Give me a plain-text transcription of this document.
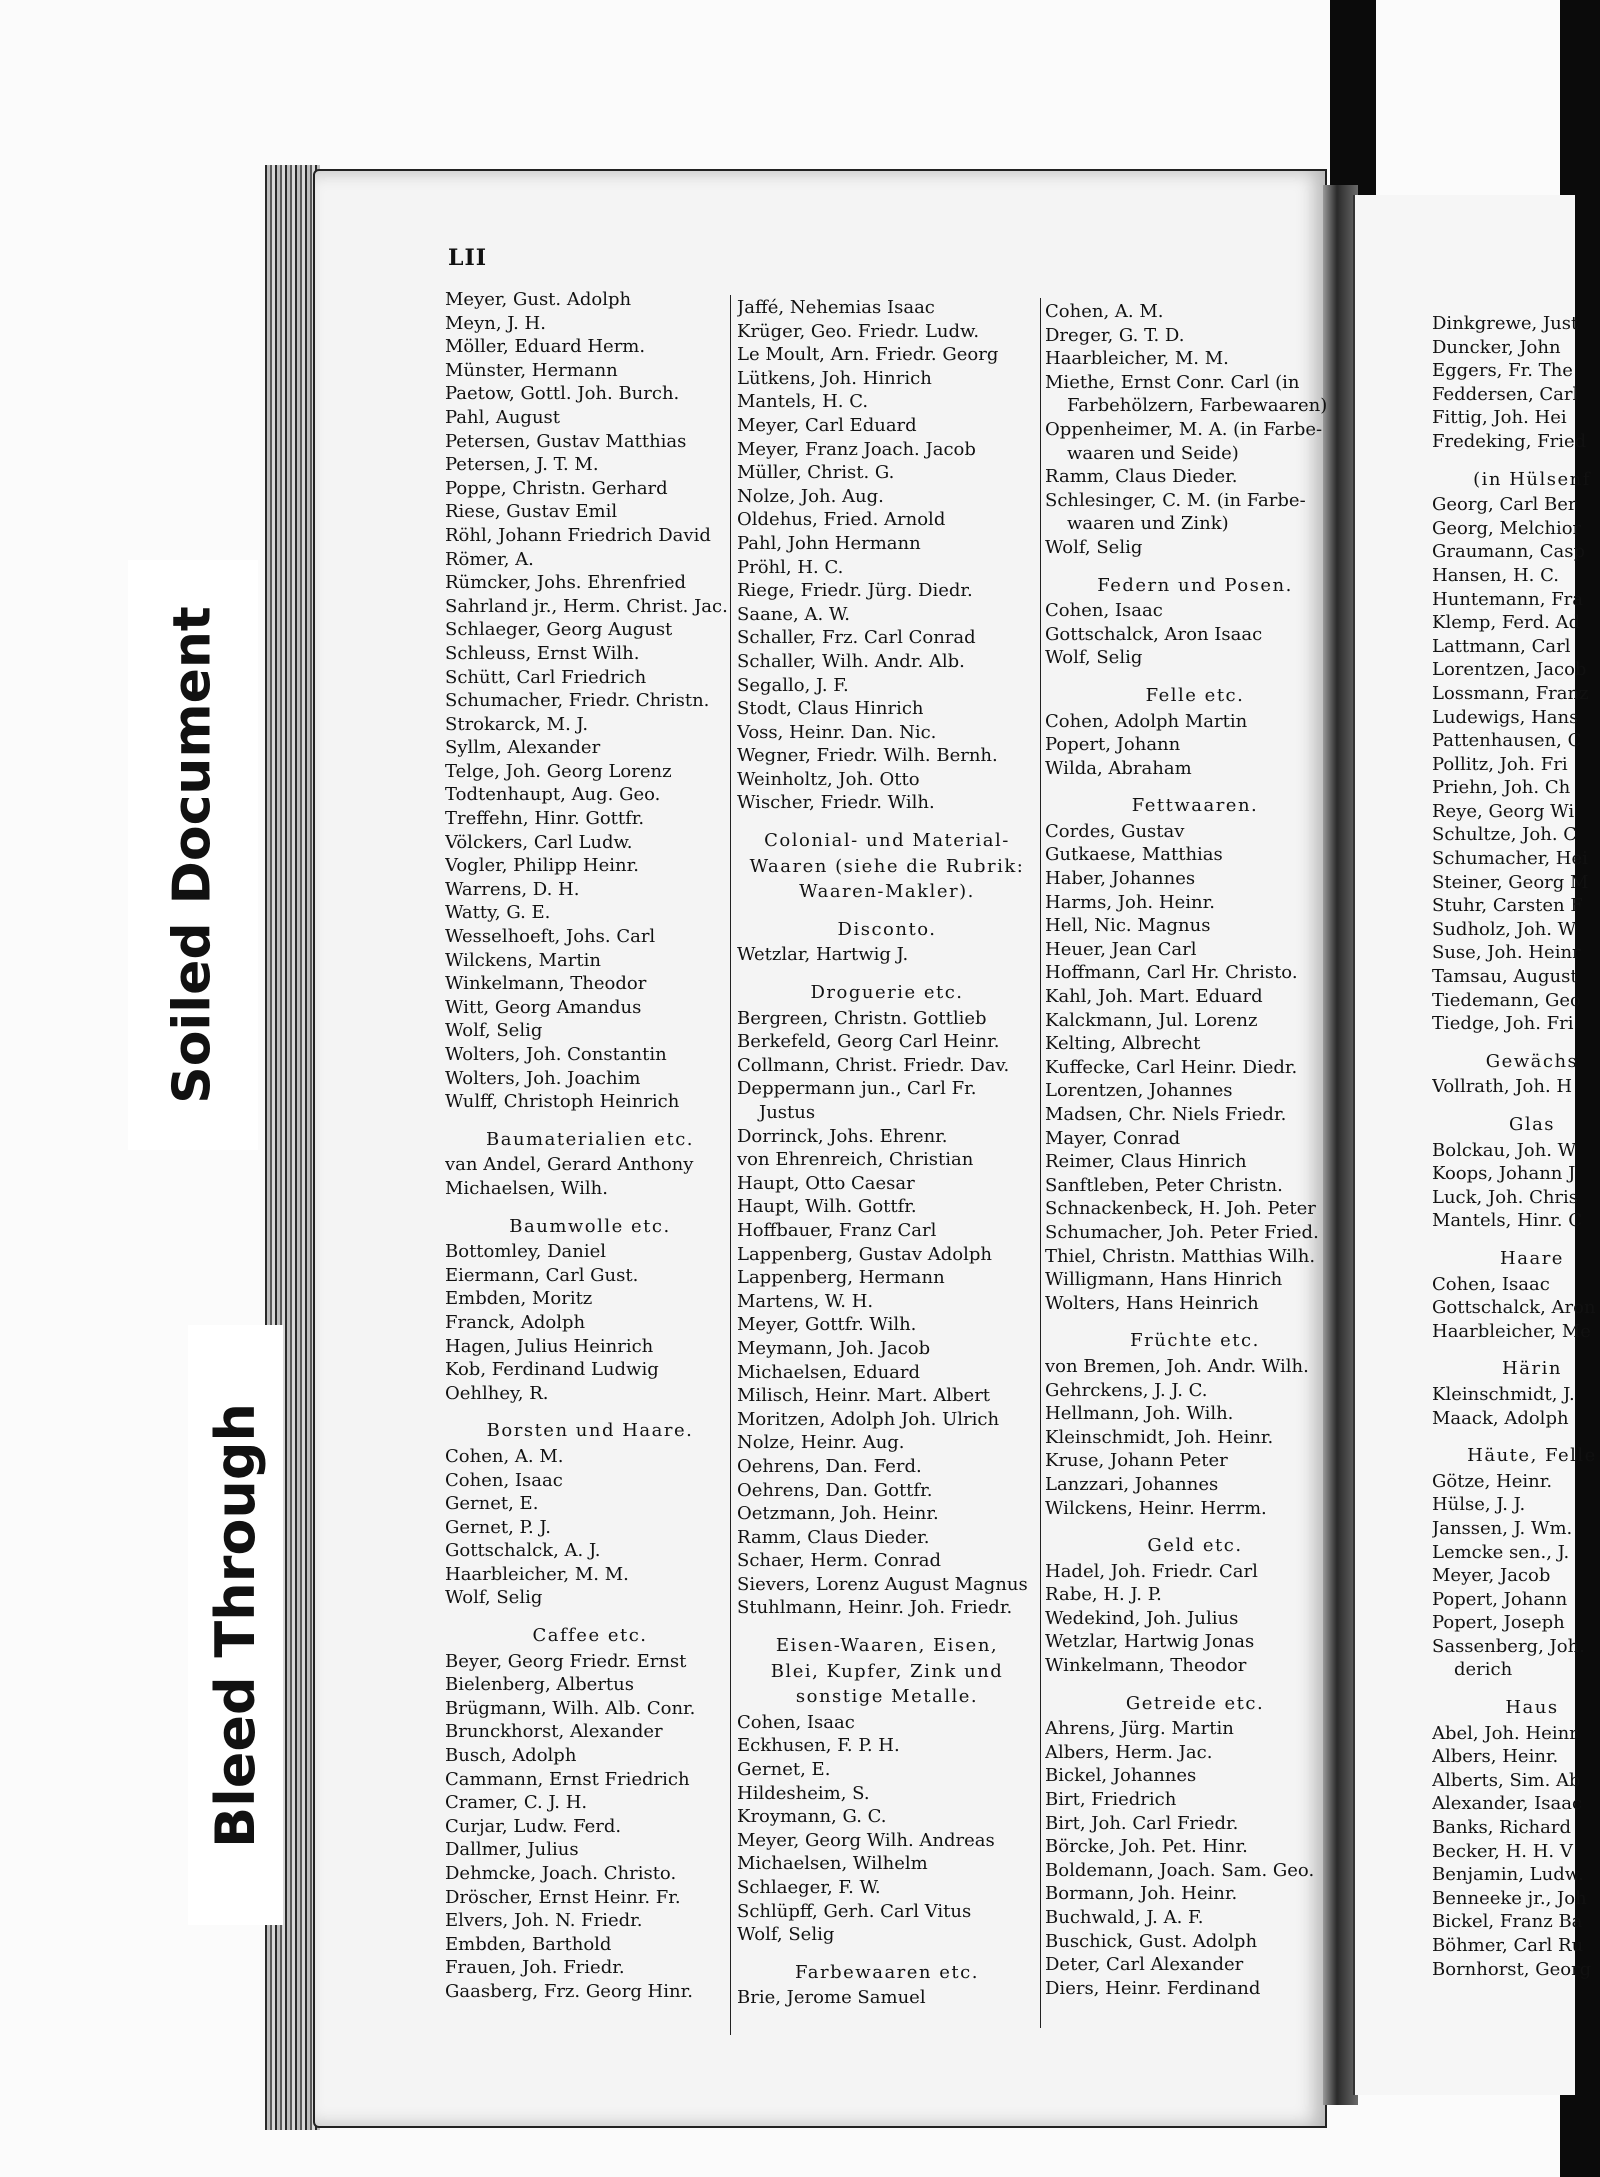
LII
Meyer, Gust. Adolph
Meyn, J. H.
Möller, Eduard Herm.
Münster, Hermann
Paetow, Gottl. Joh. Burch.
Pahl, August
Petersen, Gustav Matthias
Petersen, J. T. M.
Poppe, Christn. Gerhard
Riese, Gustav Emil
Röhl, Johann Friedrich David
Römer, A.
Rümcker, Johs. Ehrenfried
Sahrland jr., Herm. Christ. Jac.
Schlaeger, Georg August
Schleuss, Ernst Wilh.
Schütt, Carl Friedrich
Schumacher, Friedr. Christn.
Strokarck, M. J.
Syllm, Alexander
Telge, Joh. Georg Lorenz
Todtenhaupt, Aug. Geo.
Treffehn, Hinr. Gottfr.
Völckers, Carl Ludw.
Vogler, Philipp Heinr.
Warrens, D. H.
Watty, G. E.
Wesselhoeft, Johs. Carl
Wilckens, Martin
Winkelmann, Theodor
Witt, Georg Amandus
Wolf, Selig
Wolters, Joh. Constantin
Wolters, Joh. Joachim
Wulff, Christoph Heinrich
Baumaterialien etc.
van Andel, Gerard Anthony
Michaelsen, Wilh.
Baumwolle etc.
Bottomley, Daniel
Eiermann, Carl Gust.
Embden, Moritz
Franck, Adolph
Hagen, Julius Heinrich
Kob, Ferdinand Ludwig
Oehlhey, R.
Borsten und Haare.
Cohen, A. M.
Cohen, Isaac
Gernet, E.
Gernet, P. J.
Gottschalck, A. J.
Haarbleicher, M. M.
Wolf, Selig
Caffee etc.
Beyer, Georg Friedr. Ernst
Bielenberg, Albertus
Brügmann, Wilh. Alb. Conr.
Brunckhorst, Alexander
Busch, Adolph
Cammann, Ernst Friedrich
Cramer, C. J. H.
Curjar, Ludw. Ferd.
Dallmer, Julius
Dehmcke, Joach. Christo.
Dröscher, Ernst Heinr. Fr.
Elvers, Joh. N. Friedr.
Embden, Barthold
Frauen, Joh. Friedr.
Gaasberg, Frz. Georg Hinr.
Jaffé, Nehemias Isaac
Krüger, Geo. Friedr. Ludw.
Le Moult, Arn. Friedr. Georg
Lütkens, Joh. Hinrich
Mantels, H. C.
Meyer, Carl Eduard
Meyer, Franz Joach. Jacob
Müller, Christ. G.
Nolze, Joh. Aug.
Oldehus, Fried. Arnold
Pahl, John Hermann
Pröhl, H. C.
Riege, Friedr. Jürg. Diedr.
Saane, A. W.
Schaller, Frz. Carl Conrad
Schaller, Wilh. Andr. Alb.
Segallo, J. F.
Stodt, Claus Hinrich
Voss, Heinr. Dan. Nic.
Wegner, Friedr. Wilh. Bernh.
Weinholtz, Joh. Otto
Wischer, Friedr. Wilh.
Colonial- und Material-
Waaren (siehe die Rubrik:
Waaren-Makler).
Disconto.
Wetzlar, Hartwig J.
Droguerie etc.
Bergreen, Christn. Gottlieb
Berkefeld, Georg Carl Heinr.
Collmann, Christ. Friedr. Dav.
Deppermann jun., Carl Fr.
Justus
Dorrinck, Johs. Ehrenr.
von Ehrenreich, Christian
Haupt, Otto Caesar
Haupt, Wilh. Gottfr.
Hoffbauer, Franz Carl
Lappenberg, Gustav Adolph
Lappenberg, Hermann
Martens, W. H.
Meyer, Gottfr. Wilh.
Meymann, Joh. Jacob
Michaelsen, Eduard
Milisch, Heinr. Mart. Albert
Moritzen, Adolph Joh. Ulrich
Nolze, Heinr. Aug.
Oehrens, Dan. Ferd.
Oehrens, Dan. Gottfr.
Oetzmann, Joh. Heinr.
Ramm, Claus Dieder.
Schaer, Herm. Conrad
Sievers, Lorenz August Magnus
Stuhlmann, Heinr. Joh. Friedr.
Eisen-Waaren, Eisen,
Blei, Kupfer, Zink und
sonstige Metalle.
Cohen, Isaac
Eckhusen, F. P. H.
Gernet, E.
Hildesheim, S.
Kroymann, G. C.
Meyer, Georg Wilh. Andreas
Michaelsen, Wilhelm
Schlaeger, F. W.
Schlüpff, Gerh. Carl Vitus
Wolf, Selig
Farbewaaren etc.
Brie, Jerome Samuel
Cohen, A. M.
Dreger, G. T. D.
Haarbleicher, M. M.
Miethe, Ernst Conr. Carl (in
Farbehölzern, Farbewaaren)
Oppenheimer, M. A. (in Farbe-
waaren und Seide)
Ramm, Claus Dieder.
Schlesinger, C. M. (in Farbe-
waaren und Zink)
Wolf, Selig
Federn und Posen.
Cohen, Isaac
Gottschalck, Aron Isaac
Wolf, Selig
Felle etc.
Cohen, Adolph Martin
Popert, Johann
Wilda, Abraham
Fettwaaren.
Cordes, Gustav
Gutkaese, Matthias
Haber, Johannes
Harms, Joh. Heinr.
Hell, Nic. Magnus
Heuer, Jean Carl
Hoffmann, Carl Hr. Christo.
Kahl, Joh. Mart. Eduard
Kalckmann, Jul. Lorenz
Kelting, Albrecht
Kuffecke, Carl Heinr. Diedr.
Lorentzen, Johannes
Madsen, Chr. Niels Friedr.
Mayer, Conrad
Reimer, Claus Hinrich
Sanftleben, Peter Christn.
Schnackenbeck, H. Joh. Peter
Schumacher, Joh. Peter Fried.
Thiel, Christn. Matthias Wilh.
Willigmann, Hans Hinrich
Wolters, Hans Heinrich
Früchte etc.
von Bremen, Joh. Andr. Wilh.
Gehrckens, J. J. C.
Hellmann, Joh. Wilh.
Kleinschmidt, Joh. Heinr.
Kruse, Johann Peter
Lanzzari, Johannes
Wilckens, Heinr. Herrm.
Geld etc.
Hadel, Joh. Friedr. Carl
Rabe, H. J. P.
Wedekind, Joh. Julius
Wetzlar, Hartwig Jonas
Winkelmann, Theodor
Getreide etc.
Ahrens, Jürg. Martin
Albers, Herm. Jac.
Bickel, Johannes
Birt, Friedrich
Birt, Joh. Carl Friedr.
Börcke, Joh. Pet. Hinr.
Boldemann, Joach. Sam. Geo.
Bormann, Joh. Heinr.
Buchwald, J. A. F.
Buschick, Gust. Adolph
Deter, Carl Alexander
Diers, Heinr. Ferdinand
Dinkgrewe, Just
Duncker, John
Eggers, Fr. The
Feddersen, Carl
Fittig, Joh. Hei
Fredeking, Fried
(in Hülsenf
Georg, Carl Ber
Georg, Melchior
Graumann, Casp
Hansen, H. C.
Huntemann, Fra
Klemp, Ferd. Ad
Lattmann, Carl
Lorentzen, Jacob
Lossmann, Franz
Ludewigs, Hans
Pattenhausen, C
Pollitz, Joh. Fri
Priehn, Joh. Ch
Reye, Georg Wi
Schultze, Joh. C
Schumacher, Hei
Steiner, Georg M
Stuhr, Carsten F
Sudholz, Joh. W
Suse, Joh. Heinr
Tamsau, August
Tiedemann, Geo
Tiedge, Joh. Fri
Gewächs
Vollrath, Joh. H
Glas
Bolckau, Joh. W
Koops, Johann J
Luck, Joh. Chris
Mantels, Hinr. C
Haare
Cohen, Isaac
Gottschalck, Aron
Haarbleicher, Me
Härin
Kleinschmidt, J.
Maack, Adolph
Häute, Felle
Götze, Heinr.
Hülse, J. J.
Janssen, J. Wm.
Lemcke sen., J.
Meyer, Jacob
Popert, Johann
Popert, Joseph
Sassenberg, Joh.
derich
Haus
Abel, Joh. Heinr
Albers, Heinr.
Alberts, Sim. Ab
Alexander, Isaac
Banks, Richard
Becker, H. H. V
Benjamin, Ludw.
Benneeke jr., Joh
Bickel, Franz Ba
Böhmer, Carl Ru
Bornhorst, Georg
Soiled Document
Bleed Through
